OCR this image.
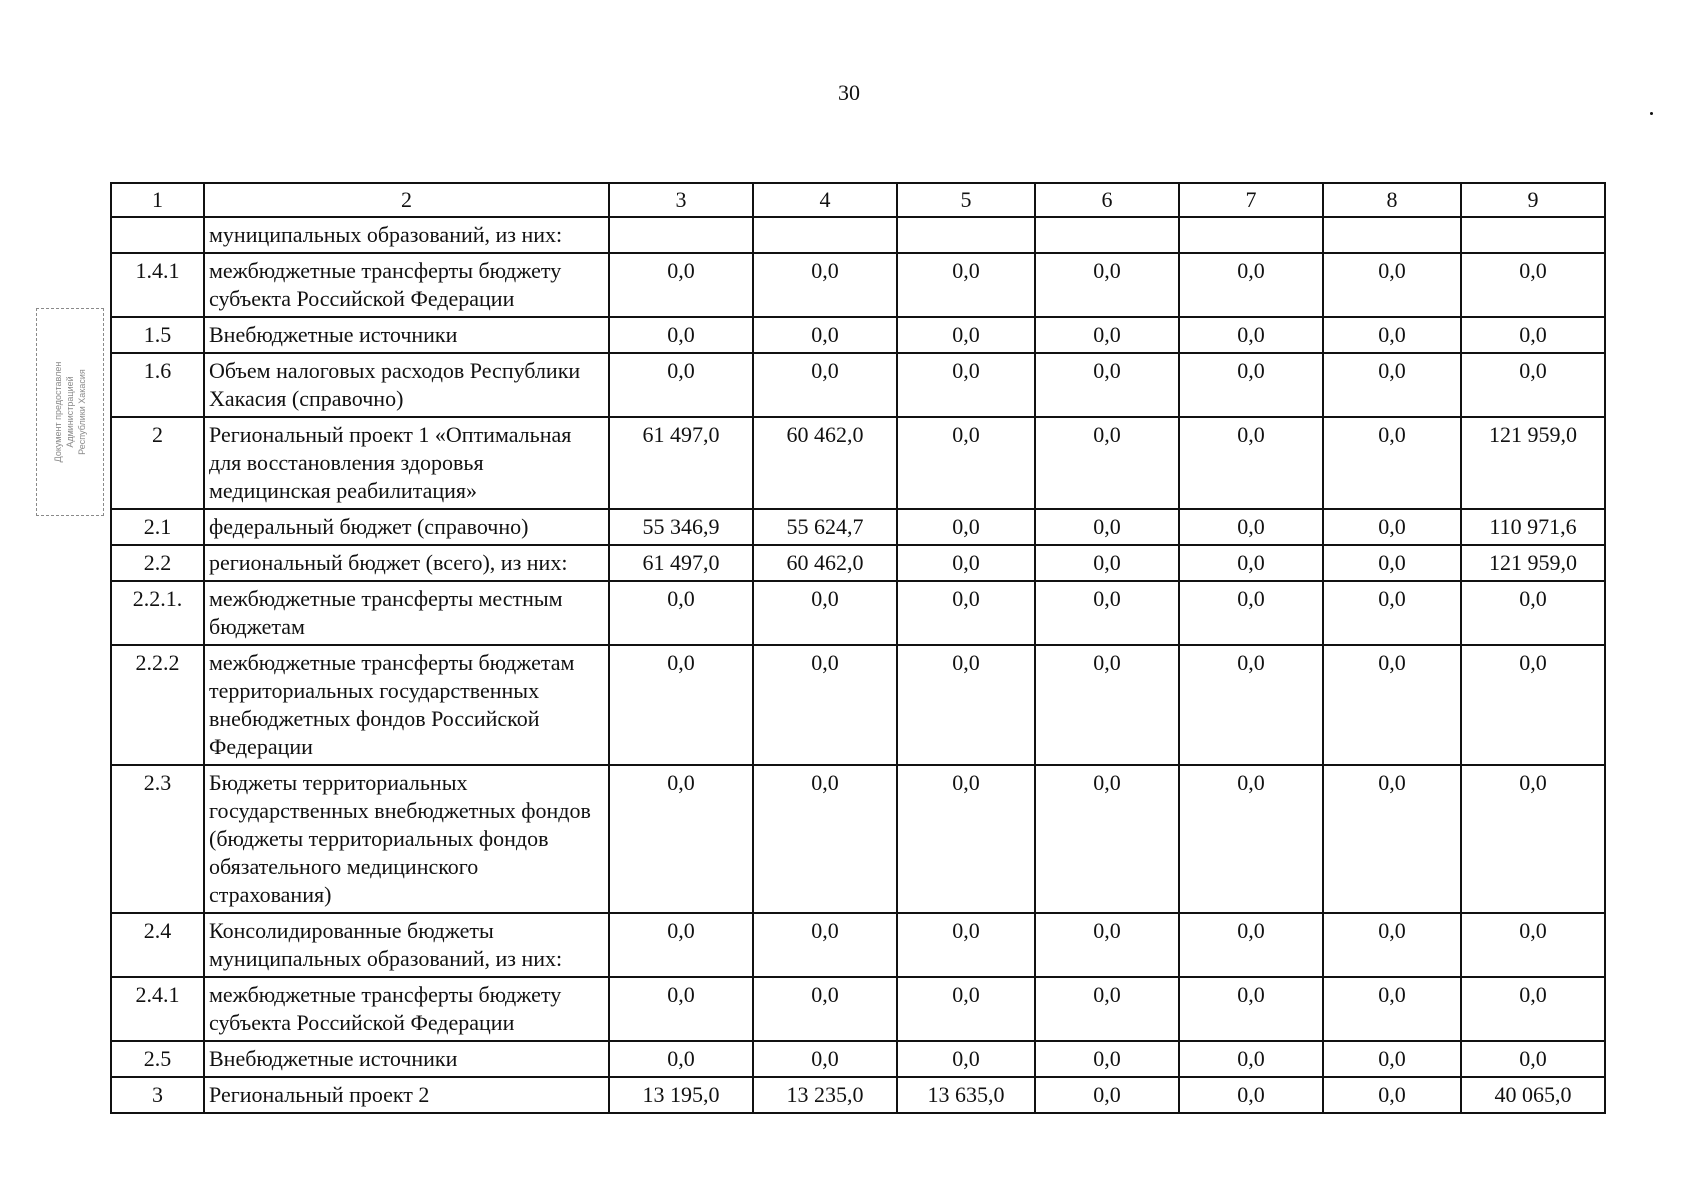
30
Документ предоставлен
Администрацией
Республики Хакасия
1	2	3	4	5	6	7	8	9
	муниципальных образований, из них:							
1.4.1	межбюджетные трансферты бюджету субъекта Российской Федерации	0,0	0,0	0,0	0,0	0,0	0,0	0,0
1.5	Внебюджетные источники	0,0	0,0	0,0	0,0	0,0	0,0	0,0
1.6	Объем налоговых расходов Республики Хакасия (справочно)	0,0	0,0	0,0	0,0	0,0	0,0	0,0
2	Региональный проект 1 «Оптимальная для восстановления здоровья медицинская реабилитация»	61 497,0	60 462,0	0,0	0,0	0,0	0,0	121 959,0
2.1	федеральный бюджет (справочно)	55 346,9	55 624,7	0,0	0,0	0,0	0,0	110 971,6
2.2	региональный бюджет (всего), из них:	61 497,0	60 462,0	0,0	0,0	0,0	0,0	121 959,0
2.2.1.	межбюджетные трансферты местным бюджетам	0,0	0,0	0,0	0,0	0,0	0,0	0,0
2.2.2	межбюджетные трансферты бюджетам территориальных государственных внебюджетных фондов Российской Федерации	0,0	0,0	0,0	0,0	0,0	0,0	0,0
2.3	Бюджеты территориальных государственных внебюджетных фондов (бюджеты территориальных фондов обязательного медицинского страхования)	0,0	0,0	0,0	0,0	0,0	0,0	0,0
2.4	Консолидированные бюджеты муниципальных образований, из них:	0,0	0,0	0,0	0,0	0,0	0,0	0,0
2.4.1	межбюджетные трансферты бюджету субъекта Российской Федерации	0,0	0,0	0,0	0,0	0,0	0,0	0,0
2.5	Внебюджетные источники	0,0	0,0	0,0	0,0	0,0	0,0	0,0
3	Региональный проект 2	13 195,0	13 235,0	13 635,0	0,0	0,0	0,0	40 065,0
